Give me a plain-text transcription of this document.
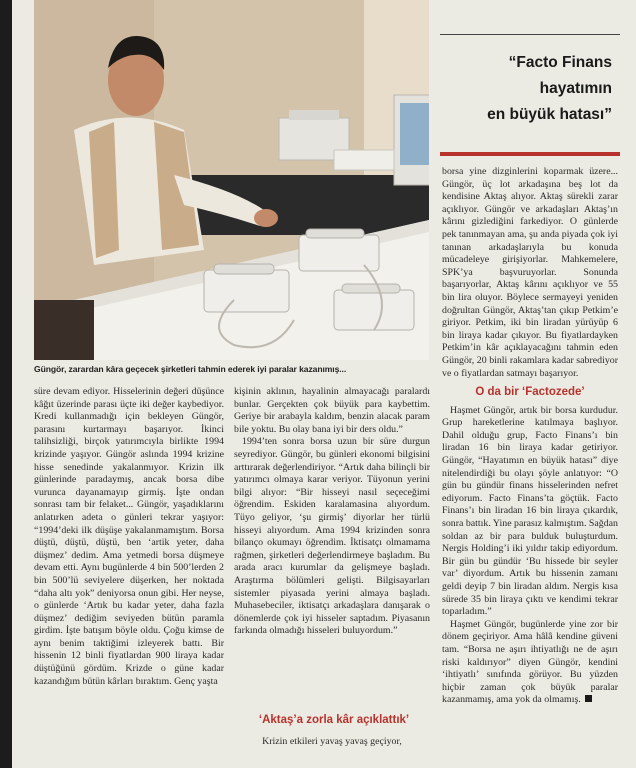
Güngör, zarardan kâra geçecek şirketleri tahmin ederek iyi paralar kazanımış...
“Facto Finans
hayatımın
en büyük hatası”

süre devam ediyor. Hisselerinin değeri düşünce kâğıt üzerinde parası üçte iki değer kaybediyor. Kredi kullanmadığı için bekleyen Güngör, parasını kurtarmayı başarıyor. İkinci talihsizliği, birçok yatırımcıyla birlikte 1994 krizinde yaşıyor. Güngör aslında 1994 krizine hisse senedinde yakalanmıyor. Krizin ilk günlerinde paradaymış, ancak borsa dibe vurunca dayanamayıp girmiş. İşte ondan sonrası tam bir felaket... Güngör, yaşadıklarını anlatırken adeta o günleri tekrar yaşıyor: “1994’deki ilk düşüşe yakalanmamıştım. Borsa düştü, düştü, düştü, ben ‘artik yeter, daha düşmez’ dedim. Ama yetmedi borsa düşmeye devam etti. Aynı bugünlerde 4 bin 500’lerden 2 bin 500’lü seviyelere düşerken, her noktada “daha altı yok” deniyorsa onun gibi. Her neyse, o günlerde ‘Artık bu kadar yeter, daha fazla düşmez’ dediğim seviyeden bütün paramla girdim. İşte batışım böyle oldu. Çoğu kimse de aynı benim taktiğimi izleyerek battı. Bir hissenin 12 binli fiyatlardan 900 liraya kadar düştüğünü gördüm. Krizde o güne kadar kazandığım bütün kârları bıraktım. Genç yaşta

kişinin aklının, hayalinin almayacağı paralardı bunlar. Gerçekten çok büyük para kaybettim. Geriye bir arabayla kaldım, benzin alacak param bile yoktu. Bu olay bana iyi bir ders oldu.”

1994’ten sonra borsa uzun bir süre durgun seyrediyor. Güngör, bu günleri ekonomi bilgisini arttırarak değerlendiriyor. “Artık daha bilinçli bir yatırımcı olmaya karar veriyor. Tüyonun yerini bilgi alıyor: “Bir hisseyi nasıl seçeceğimi öğrendim. Eskiden karalamasina alıyordum. Tüyo geliyor, ‘şu girmiş’ diyorlar her türlü hisseyi alıyordum. Ama 1994 krizinden sonra bilanço okumayı öğrendim. İktisatçı olmamama rağmen, şirketleri değerlendirmeye başladım. Bu arada aracı kurumlar da gelişmeye başladı. Araştırma bölümleri gelişti. Bilgisayarları sistemler piyasada yerini almaya başladı. Muhasebeciler, iktisatçı arkadaşlara danışarak o dönemlerde çok iyi hisseler saptadım. Piyasanın farkında olmadığı hisseleri buluyordum.”

‘Aktaş’a zorla kâr açıklattık’
Krizin etkileri yavaş yavaş geçiyor,

borsa yine dizginlerini koparmak üzere... Güngör, üç lot arkadaşına beş lot da kendisine Aktaş alıyor. Aktaş sürekli zarar açıklıyor. Güngör ve arkadaşları Aktaş’ın kârını gizlediğini farkediyor. O günlerde pek tanınmayan ama, şu anda piyada çok iyi tanınan arkadaşlarıyla bu konuda mücadeleye girişiyorlar. Mahkemelere, SPK’ya başvuruyorlar. Sonunda başarıyorlar, Aktaş kârını açıklıyor ve 55 bin lira oluyor. Böylece sermayeyi yeniden doğrultan Güngör, Aktaş’tan çıkıp Petkim’e giriyor. Petkim, iki bin liradan yürüyüp 6 bin liraya kadar çıkıyor. Bu fiyatlardayken Petkim’in kâr açıklayacağını tahmin eden Güngör, 20 binli rakamlara kadar sabrediyor ve o fiyatlardan satmayı başarıyor.

O da bir ‘Factozede’

Haşmet Güngör, artık bir borsa kurdudur. Grup hareketlerine katılmaya başlıyor. Dahil olduğu grup, Facto Finans’ı bin liradan 16 bin liraya kadar getiriyor. Güngör, “Hayatımın en büyük hatası” diye nitelendirdiği bu olayı şöyle anlatıyor: “O gün bu gündür finans hisselerinden nefret ediyorum. Facto Finans’ta göçtük. Facto Finans’ı bin liradan 16 bin liraya çıkardık, sonra battık. Yine parasız kalmıştım. Sağdan soldan az bir para bulduk buluşturdum. Nergis Holding’i iki yıldır takip ediyordum. Bir gün bu gündür ‘Bu hissede bir seyler var’ diyordum. Artık bu hissenin zamanı geldi deyip 7 bin liradan aldım. Nergis kısa sürede 35 bin liraya çıktı ve kendimi tekrar toparladım.”

Haşmet Güngör, bugünlerde yine zor bir dönem geçiriyor. Ama hâlâ kendine güveni tam. “Borsa ne aşırı ihtiyatlığı ne de aşırı riski kaldırıyor” diyen Güngör, kendini ‘ihtiyatlı’ sınıfında görüyor. Bu yüzden hiçbir zaman çok büyük paralar kazanmamış, ama yok da olmamış.
